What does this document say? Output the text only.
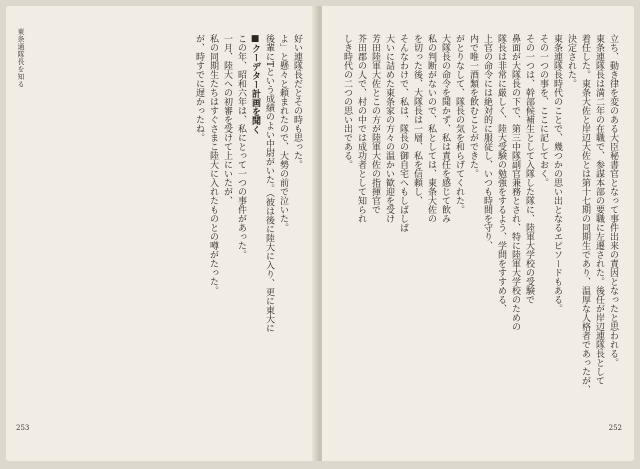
東条通隊長を知る	好い連隊長だとその時も思った。
よ」と懸々と頼まれたので、大勢の前で泣いた。
後輩にTという成績のよい中尉がいた。（彼は後に陸大に入り、更に東大に
■クーデター計画を聞く
この年、昭和六年は、私にとって一つの事件があった。
一月、陸大への初審を受けて上にいたが、
私の同期生たちはすぐさまこ陸大に入れたものとの噂がたった。
が、時すでに遅かったね。
253
立ち、動き律を変のある大臣秘書官となって事件出来の責因となったと思われる。
東条連隊長は満二年の在職で、参謀本部の要職に左遷された。後任が岸辺連隊長として
着任した。東条大佐と岸辺大佐とは第十七期の同期生であり、温厚な人格者であったが、
決定された。
東条連隊長時代のことで、幾つかの思い出となるエピソードもある。
その一つの事を、ここに記しておく。
その一つは、幹部候補生として入隊した隊に、陸軍大学校の受験で
鼻面が大隊長の下で、第三中隊副官兼務とされ、特に陸軍大学校のための
隊長は非常に厳しく、陸大受験の勉強をするよう、学問をすすめる、
上官の命令には絶対的に服従し、いつも時間を守り、
内で唯一酒類を飲むことができた。
がとりなして、隊長の気を和らげてくれた。
大隊長の命令を聞かず、私は責任を感じて飲み
私の判断がないので、私としては、東条大佐の
を切った後、大隊長は一層、私を信頼し、
そんなわけで、私は、隊長の御自宅へもしばしば
大いに詰めた東条家の方々の温かい歓迎を受け
芳田陸軍大佐とこの方が陸軍大佐の指揮官で
芥田郡の人で、村の中では成功者として知られ
しき時代の二つの思い出である。
252
